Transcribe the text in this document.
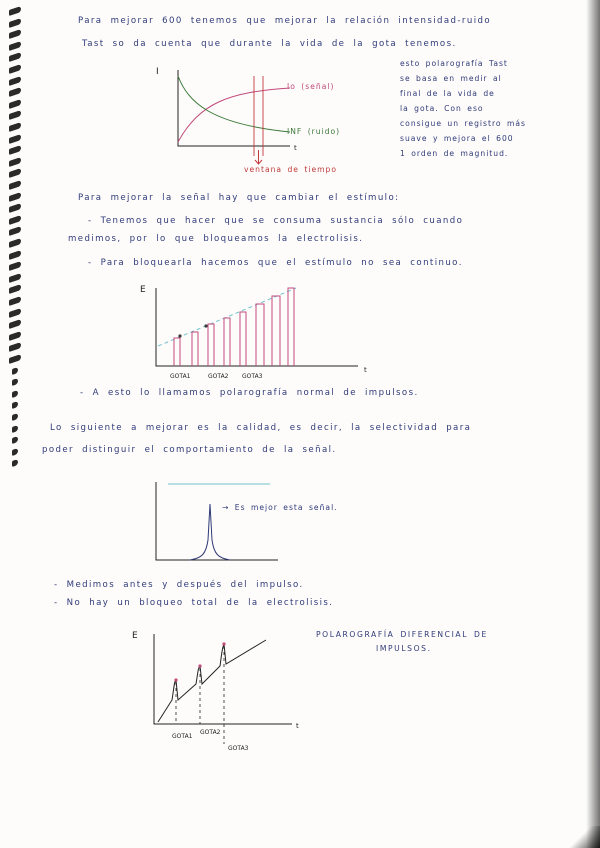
Para mejorar 600 tenemos que mejorar la relación intensidad-ruido

Tast so da cuenta que durante la vida de la gota tenemos.

I
t

Io (señal)

INF (ruido)

ventana de tiempo

esto polarografía Tast

se basa en medir al

final de la vida de

la gota. Con eso

consigue un registro más

suave y mejora el 600

1 orden de magnitud.

Para mejorar la señal hay que cambiar el estímulo:

- Tenemos que hacer que se consuma sustancia sólo cuando

medimos, por lo que bloqueamos la electrolisis.

- Para bloquearla hacemos que el estímulo no sea continuo.

E
t
GOTA1	GOTA2 GOTA3

- A esto lo llamamos polarografía normal de impulsos.

Lo siguiente a mejorar es la calidad, es decir, la selectividad para

poder distinguir el comportamiento de la señal.

→ Es mejor esta señal.

- Medimos antes y después del impulso.

- No hay un bloqueo total de la electrolisis.

E
t
GOTA1
GOTA2
GOTA3

POLAROGRAFÍA DIFERENCIAL DE

IMPULSOS.
